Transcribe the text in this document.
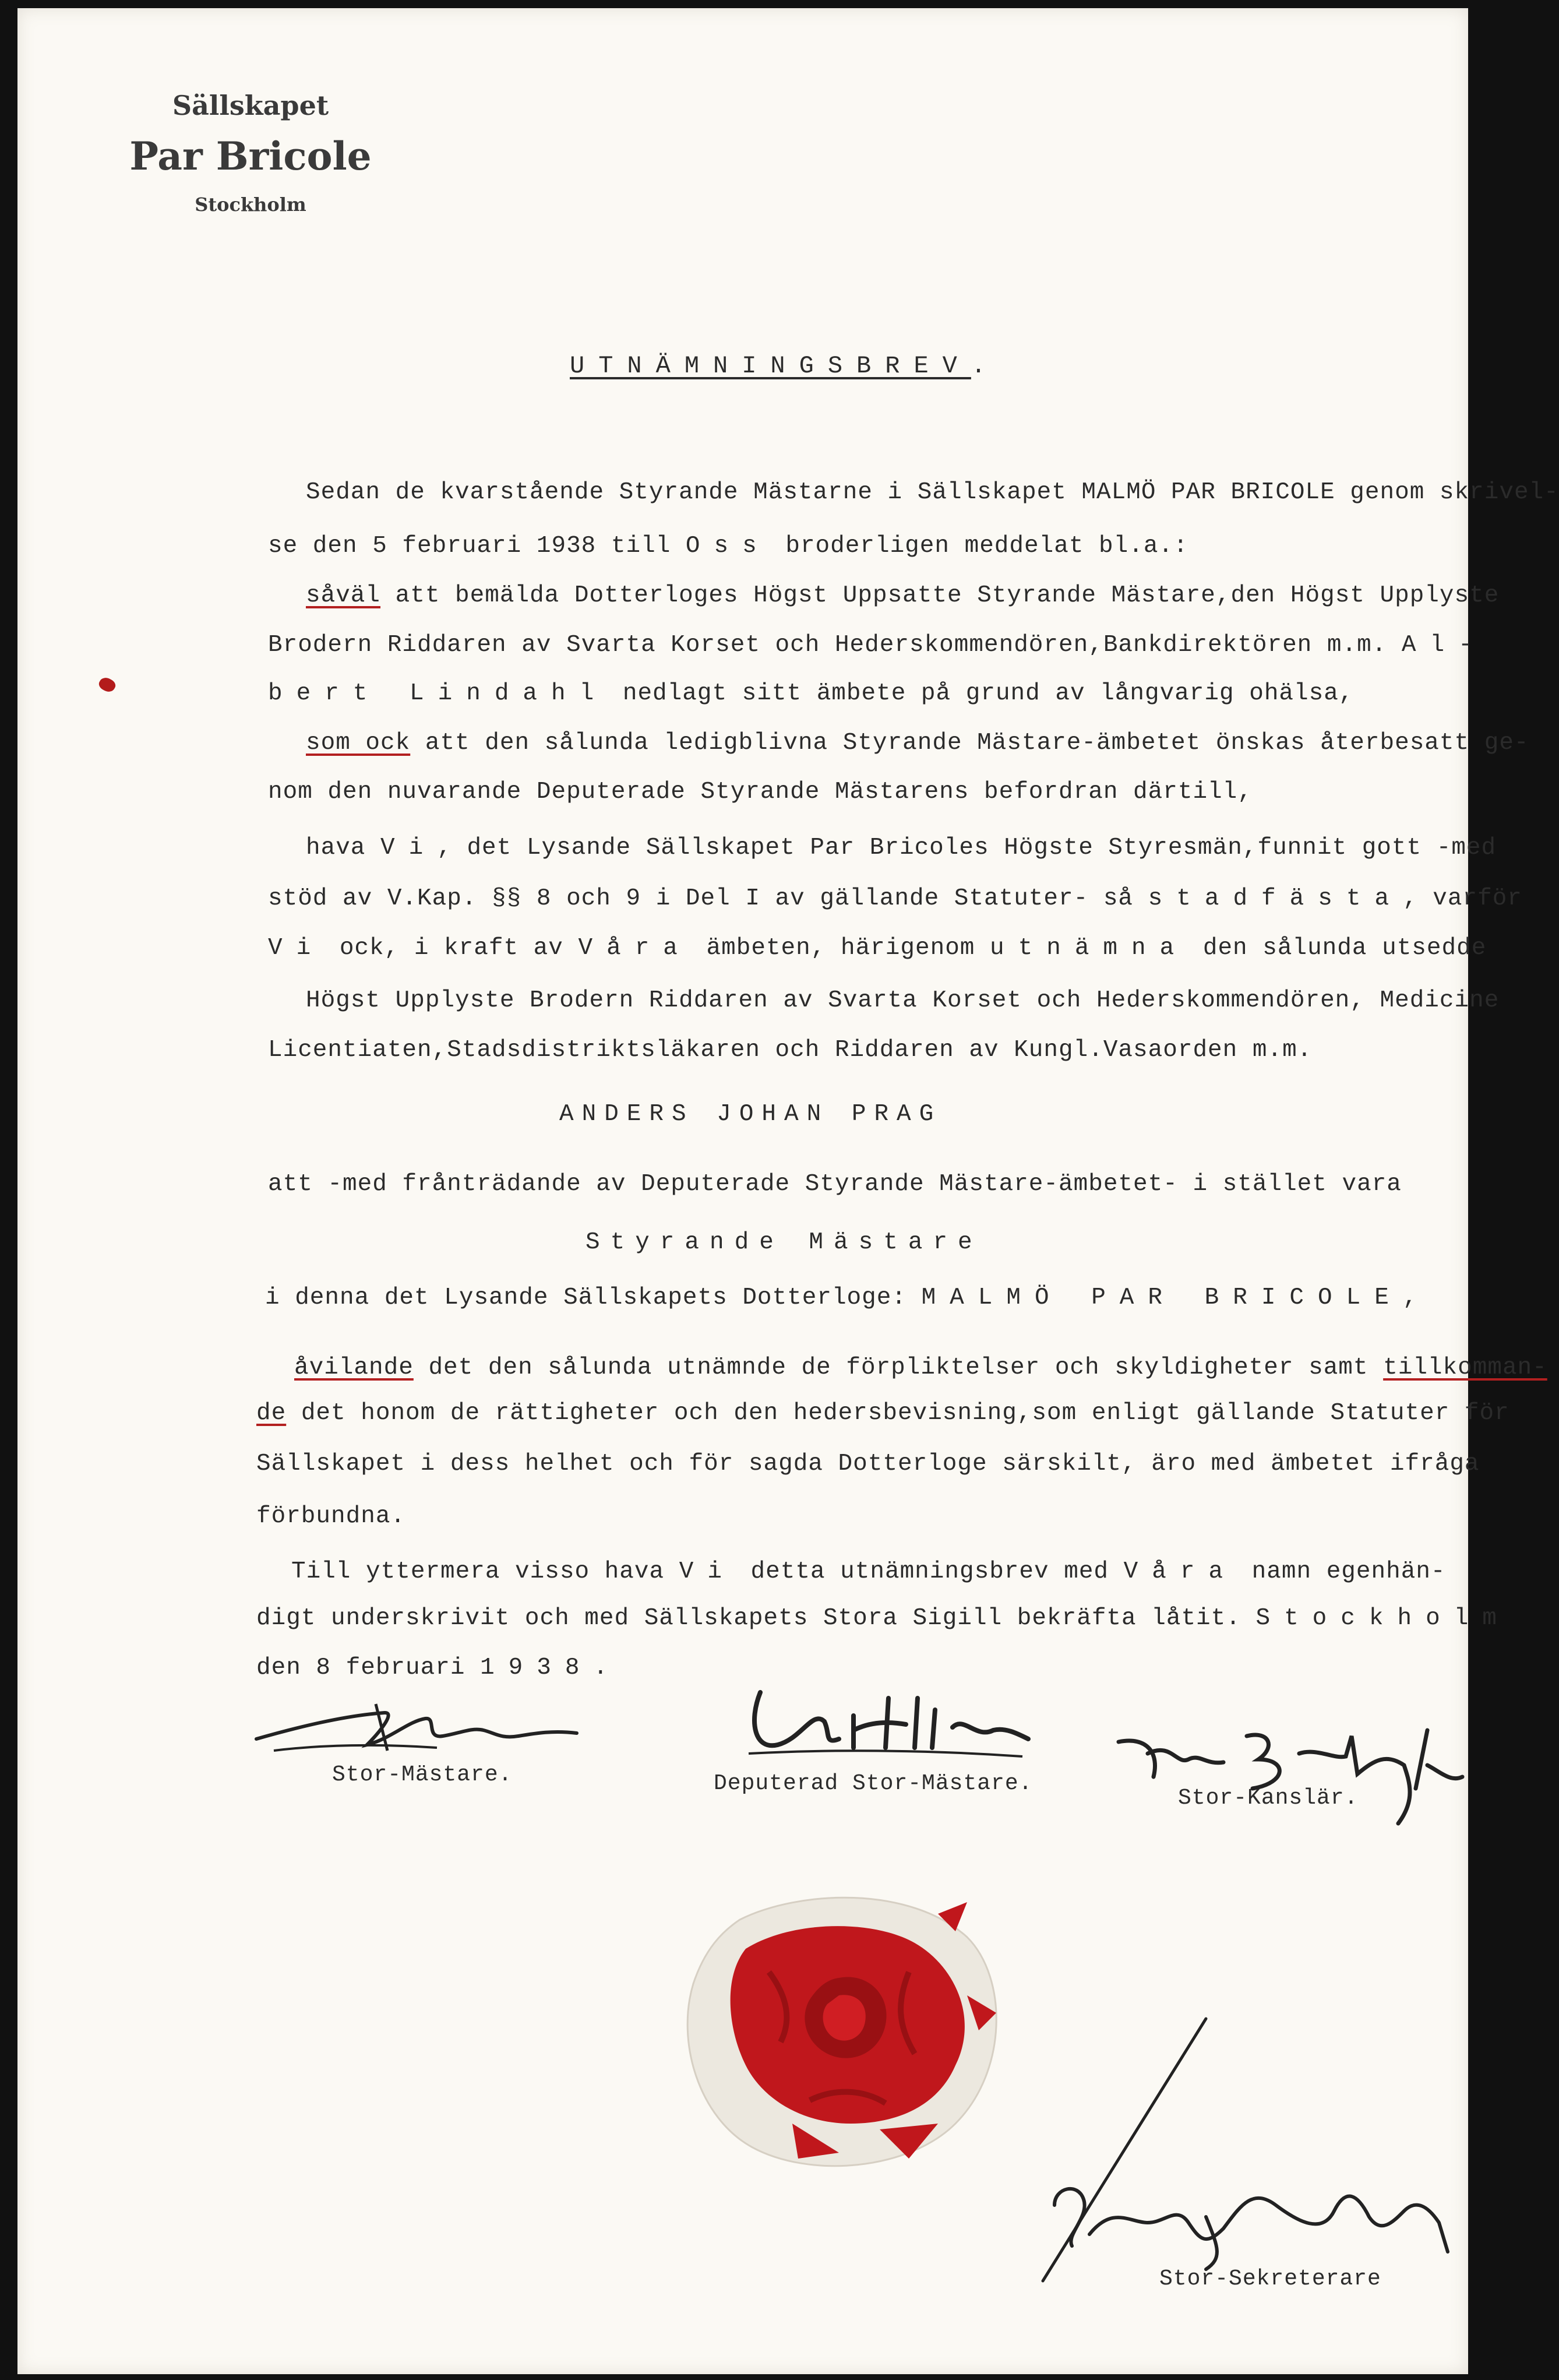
Sällskapet
Par Bricole
Stockholm
UTNÄMNINGSBREV.
Sedan de kvarstående Styrande Mästarne i Sällskapet MALMÖ PAR BRICOLE genom skrivel-
se den 5 februari 1938 till Oss broderligen meddelat bl.a.:
såväl att bemälda Dotterloges Högst Uppsatte Styrande Mästare,den Högst Upplyste
Brodern Riddaren av Svarta Korset och Hederskommendören,Bankdirektören m.m. Al-
bert Lindahl nedlagt sitt ämbete på grund av långvarig ohälsa,
som ock att den sålunda ledigblivna Styrande Mästare-ämbetet önskas återbesatt ge-
nom den nuvarande Deputerade Styrande Mästarens befordran därtill,
hava Vi, det Lysande Sällskapet Par Bricoles Högste Styresmän,funnit gott -med
stöd av V.Kap. §§ 8 och 9 i Del I av gällande Statuter- så stadfästa, varför
Vi ock, i kraft av Våra ämbeten, härigenom utnämna den sålunda utsedde
Högst Upplyste Brodern Riddaren av Svarta Korset och Hederskommendören, Medicine
Licentiaten,Stadsdistriktsläkaren och Riddaren av Kungl.Vasaorden m.m.
ANDERS JOHAN PRAG
att -med frånträdande av Deputerade Styrande Mästare-ämbetet- i stället vara
Styrande Mästare
i denna det Lysande Sällskapets Dotterloge: MALMÖ PAR BRICOLE,
åvilande det den sålunda utnämnde de förpliktelser och skyldigheter samt tillkomman-
de det honom de rättigheter och den hedersbevisning,som enligt gällande Statuter för
Sällskapet i dess helhet och för sagda Dotterloge särskilt, äro med ämbetet ifråga
förbundna.
Till yttermera visso hava Vi detta utnämningsbrev med Våra namn egenhän-
digt underskrivit och med Sällskapets Stora Sigill bekräfta låtit. Stockholm
den 8 februari 1938.
Stor-Mästare.	Deputerad Stor-Mästare.
Stor-Kanslär.
Stor-Sekreterare
